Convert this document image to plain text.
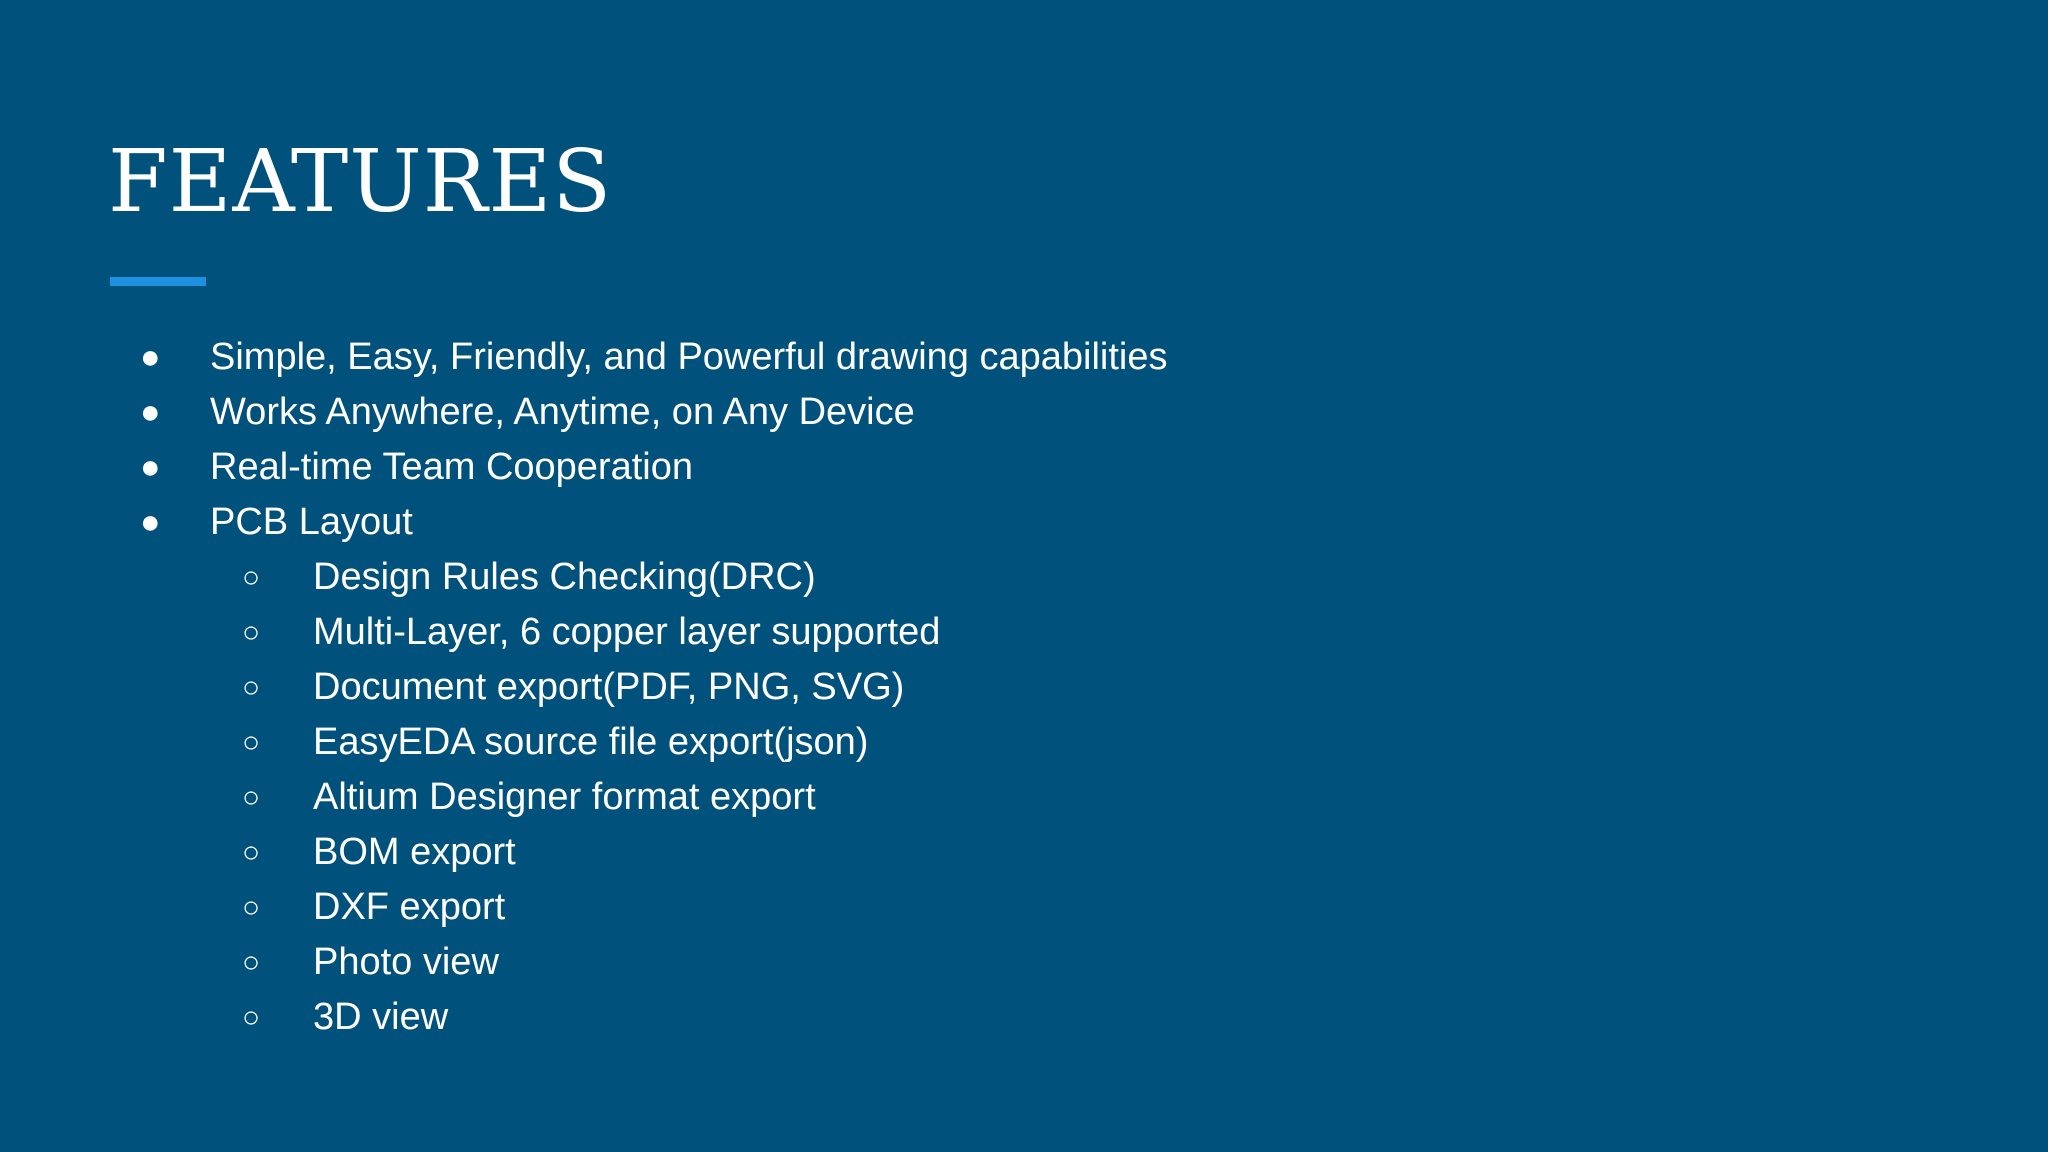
FEATURES
● Simple, Easy, Friendly, and Powerful drawing capabilities
● Works Anywhere, Anytime, on Any Device
● Real-time Team Cooperation
● PCB Layout
○ Design Rules Checking(DRC)
○ Multi-Layer, 6 copper layer supported
○ Document export(PDF, PNG, SVG)
○ EasyEDA source file export(json)
○ Altium Designer format export
○ BOM export
○ DXF export
○ Photo view
○ 3D view
